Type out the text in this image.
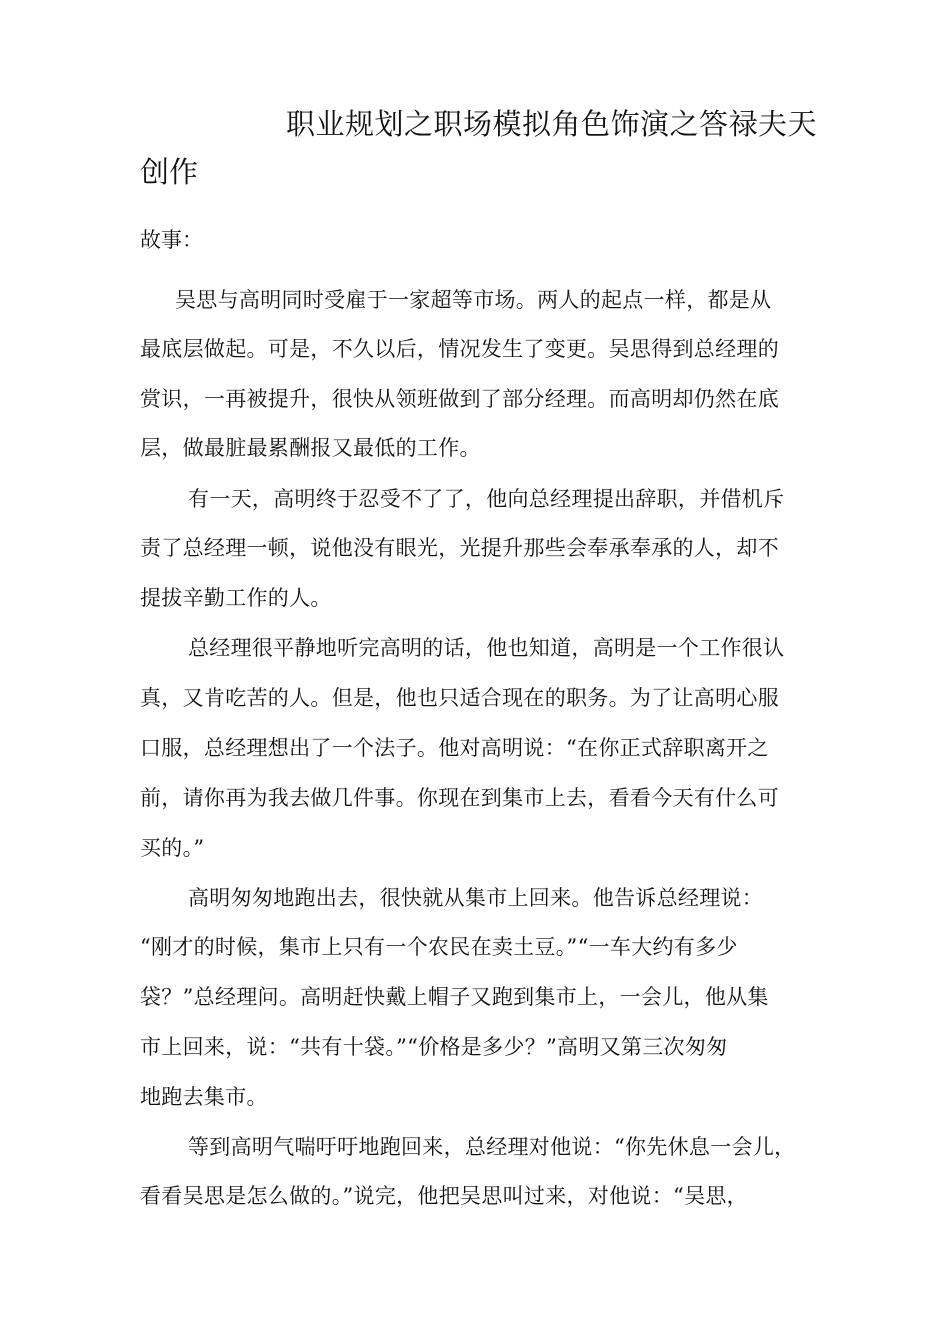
职业规划之职场模拟角色饰演之答禄夫天
创作
故事：
吴思与高明同时受雇于一家超等市场。两人的起点一样，都是从
最底层做起。可是，不久以后，情况发生了变更。吴思得到总经理的
赏识，一再被提升，很快从领班做到了部分经理。而高明却仍然在底
层，做最脏最累酬报又最低的工作。
有一天，高明终于忍受不了了，他向总经理提出辞职，并借机斥
责了总经理一顿，说他没有眼光，光提升那些会奉承奉承的人，却不
提拔辛勤工作的人。
总经理很平静地听完高明的话，他也知道，高明是一个工作很认
真，又肯吃苦的人。但是，他也只适合现在的职务。为了让高明心服
口服，总经理想出了一个法子。他对高明说：“在你正式辞职离开之
前，请你再为我去做几件事。你现在到集市上去，看看今天有什么可
买的。”
高明匆匆地跑出去，很快就从集市上回来。他告诉总经理说：
“刚才的时候，集市上只有一个农民在卖土豆。”“一车大约有多少
袋？”总经理问。高明赶快戴上帽子又跑到集市上，一会儿，他从集
市上回来，说：“共有十袋。”“价格是多少？”高明又第三次匆匆
地跑去集市。
等到高明气喘吁吁地跑回来，总经理对他说：“你先休息一会儿，
看看吴思是怎么做的。”说完，他把吴思叫过来，对他说：“吴思，
